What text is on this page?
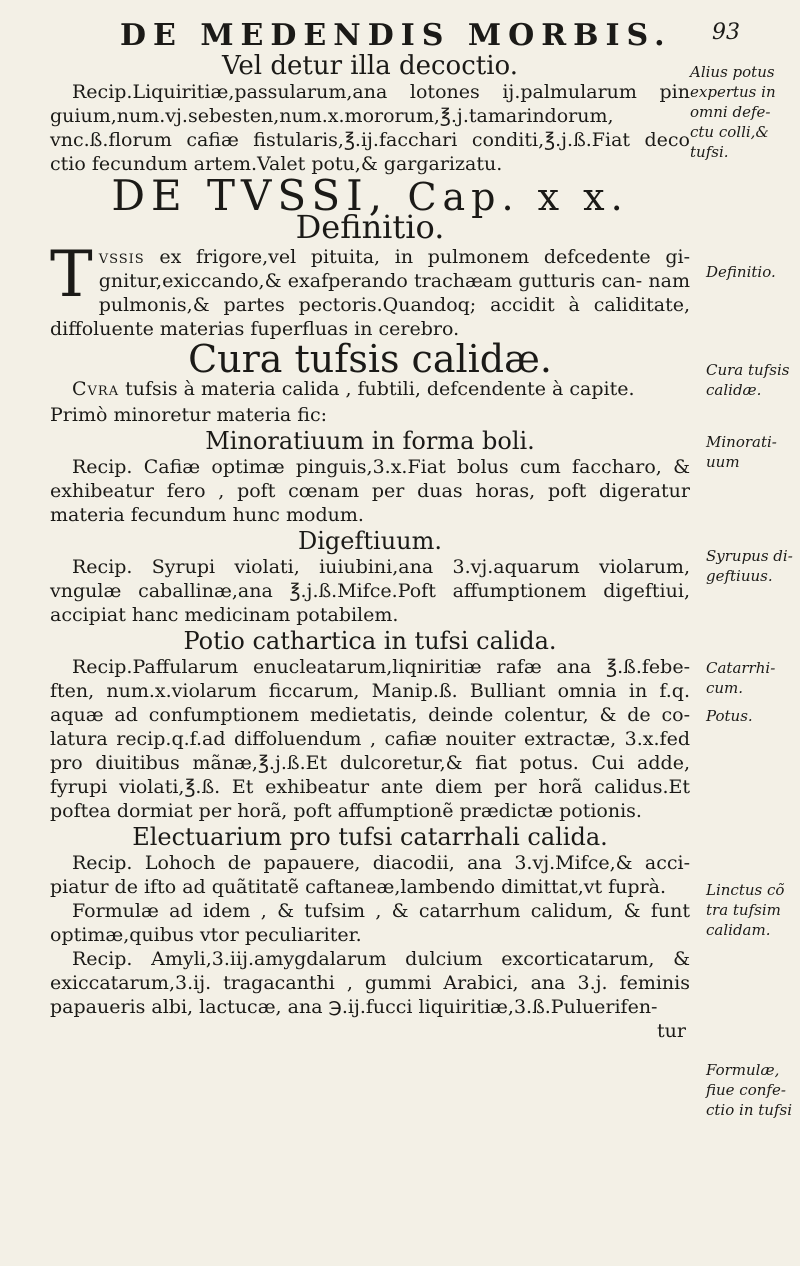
DE MEDENDIS MORBIS.	93

Vel detur illa decoctio.

Recip.Liquiritiæ,passularum,ana lotones ij.palmularum pin guium,num.vj.sebesten,num.x.mororum,℥.j.tamarindorum, vnc.ß.florum cafiæ fistularis,℥.ij.facchari conditi,℥.j.ß.Fiat deco ctio fecundum artem.Valet potu,& gargarizatu.

DE TVSSI, Cap. x x.

Definitio.

T vssis ex frigore,vel pituita, in pulmonem defcedente gi- gnitur,exiccando,& exafperando trachæam gutturis can- nam pulmonis,& partes pectoris.Quandoq; accidit à caliditate, diffoluente materias fuperfluas in cerebro.

Cura tufsis calidæ.

Cvra tufsis à materia calida , fubtili, defcendente à capite.

Primò minoretur materia fic:

Minoratiuum in forma boli.

Recip. Cafiæ optimæ pinguis,3.x.Fiat bolus cum faccharo, & exhibeatur fero , poft cœnam per duas horas, poft digeratur materia fecundum hunc modum.

Digeftiuum.

Recip. Syrupi violati, iuiubini,ana 3.vj.aquarum violarum, vngulæ caballinæ,ana ℥.j.ß.Mifce.Poft affumptionem digeftiui, accipiat hanc medicinam potabilem.

Potio cathartica in tufsi calida.

Recip.Paffularum enucleatarum,liqniritiæ rafæ ana ℥.ß.febe- ften, num.x.violarum ficcarum, Manip.ß. Bulliant omnia in f.q. aquæ ad confumptionem medietatis, deinde colentur, & de co- latura recip.q.f.ad diffoluendum , cafiæ nouiter extractæ, 3.x.fed pro diuitibus mãnæ,℥.j.ß.Et dulcoretur,& fiat potus. Cui adde, fyrupi violati,℥.ß. Et exhibeatur ante diem per horã calidus.Et poftea dormiat per horã, poft affumptionẽ prædictæ potionis.

Electuarium pro tufsi catarrhali calida.

Recip. Lohoch de papauere, diacodii, ana 3.vj.Mifce,& acci- piatur de ifto ad quãtitatẽ caftaneæ,lambendo dimittat,vt fuprà.

Formulæ ad idem , & tufsim , & catarrhum calidum, & funt optimæ,quibus vtor peculiariter.

Recip. Amyli,3.iij.amygdalarum dulcium excorticatarum, & exiccatarum,3.ij. tragacanthi , gummi Arabici, ana 3.j. feminis papaueris albi, lactucæ, ana ℈.ij.fucci liquiritiæ,3.ß.Puluerifen-

tur

Alius potus expertus in omni defe- ctu colli,& tufsi.
Definitio.
Cura tufsis calidæ.
Minorati- uum
Syrupus di- geftiuus.
Catarrhi- cum.
Potus.
Linctus cõ tra tufsim calidam.
Formulæ, fiue confe- ctio in tufsi
